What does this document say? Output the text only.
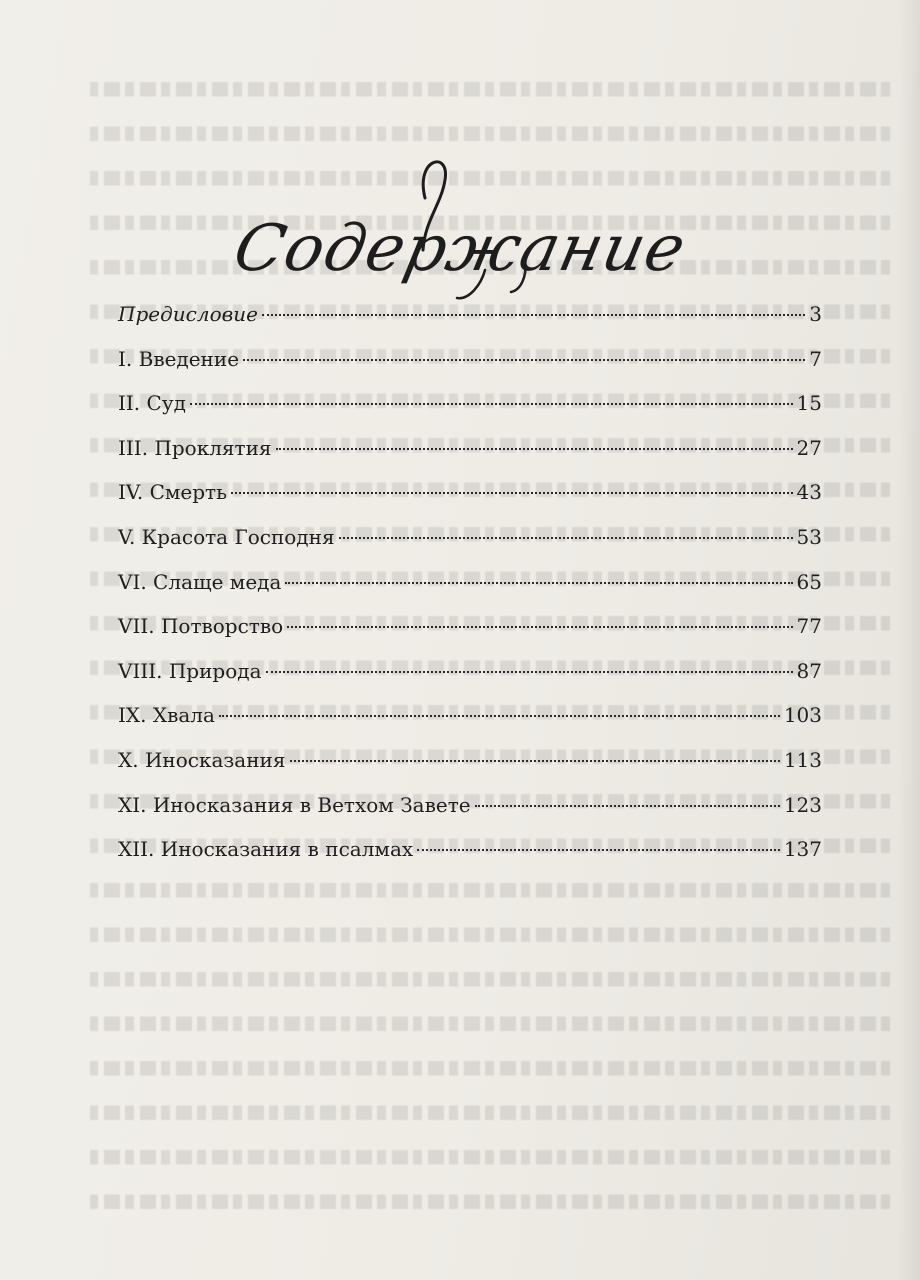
Содержание
Предисловие	3
I. Введение	7
II. Суд	15
III. Проклятия	27
IV. Смерть	43
V. Красота Господня	53
VI. Слаще меда	65
VII. Потворство	77
VIII. Природа	87
IX. Хвала	103
X. Иносказания	113
XI. Иносказания в Ветхом Завете	123
XII. Иносказания в псалмах	137
